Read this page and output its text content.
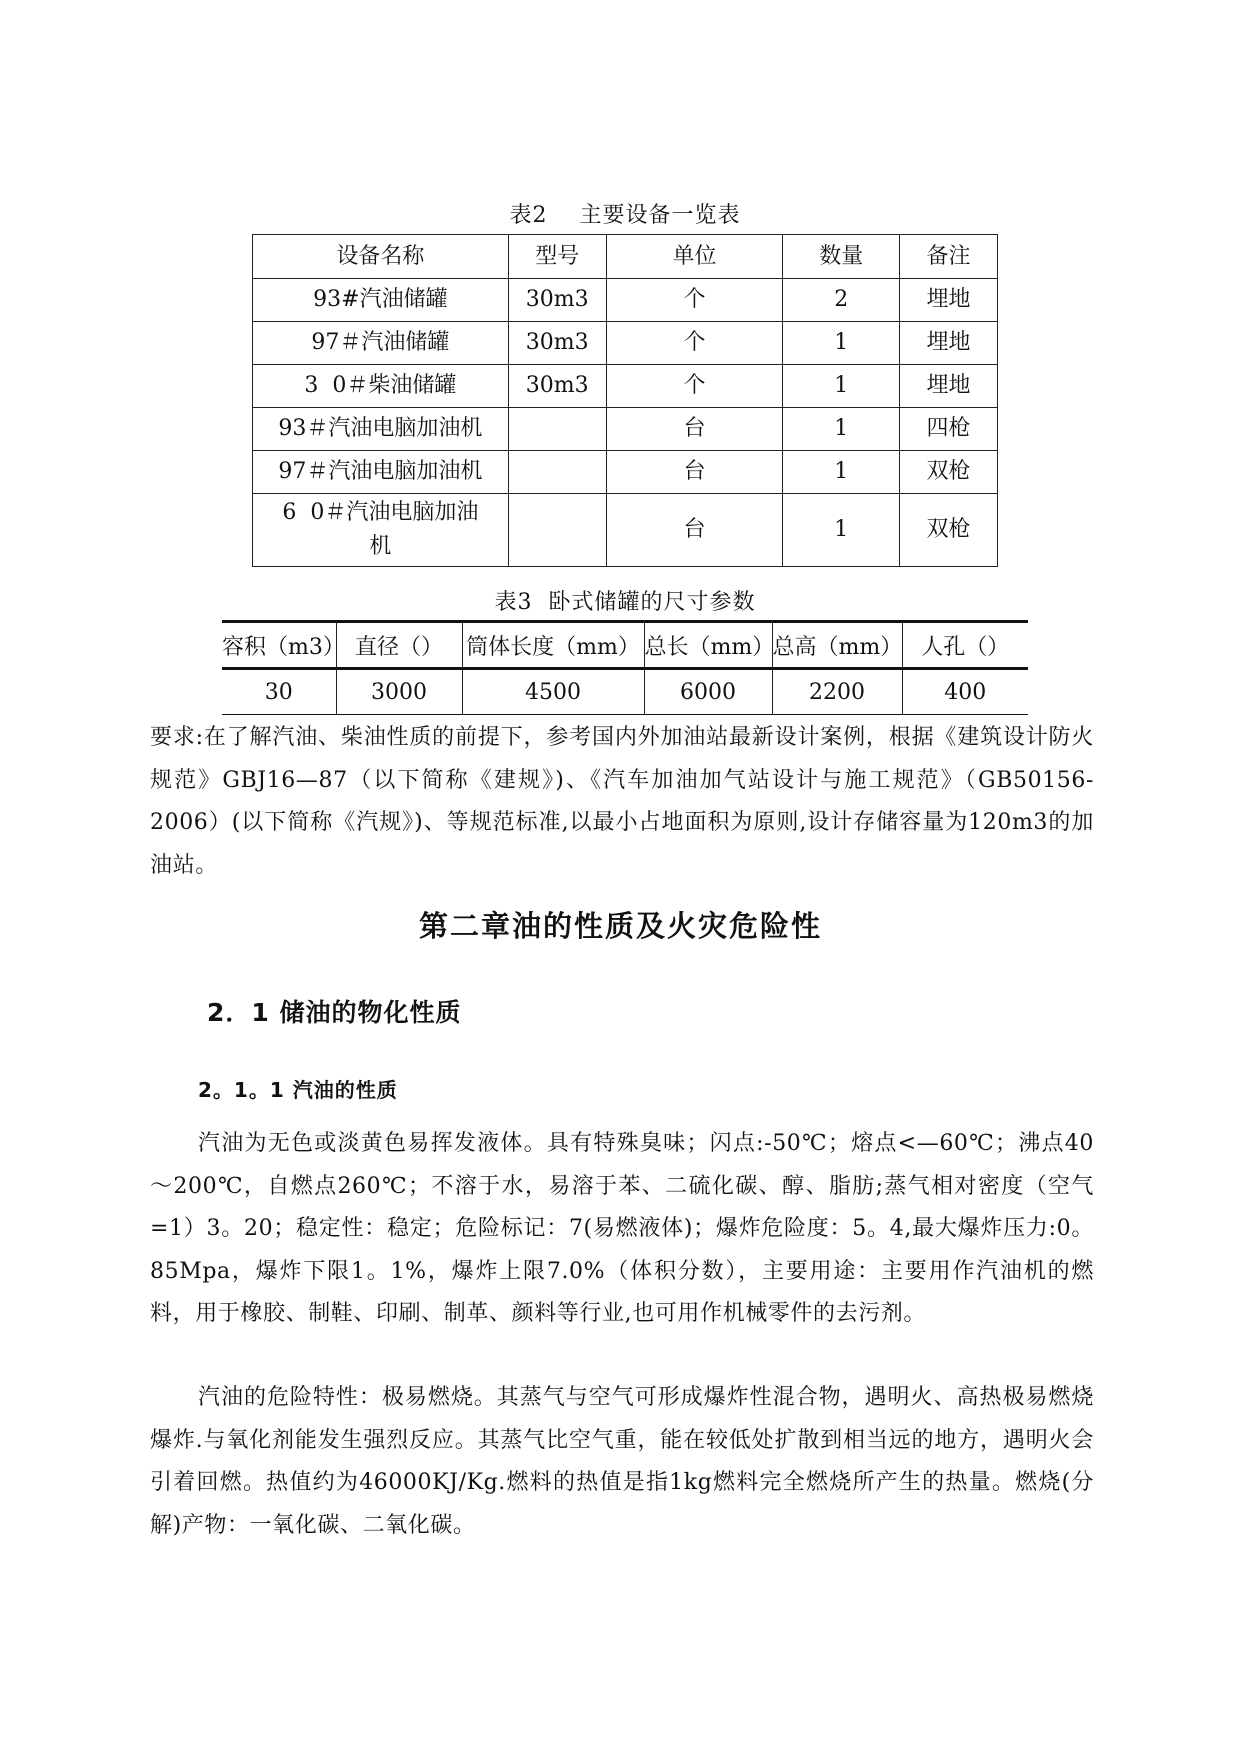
表2    主要设备一览表
设备名称	型号	单位	数量	备注
93#汽油储罐	30m3	个	2	埋地
97＃汽油储罐	30m3	个	1	埋地
3  0＃柴油储罐	30m3	个	1	埋地
93＃汽油电脑加油机		台	1	四枪
97＃汽油电脑加油机		台	1	双枪
6  0＃汽油电脑加油机		台	1	双枪
表3  卧式储罐的尺寸参数
容积（m3）	直径（）	筒体长度（mm）	总长（mm）	总高（mm）	人孔（）
30	3000	4500	6000	2200	400

要求:在了解汽油、柴油性质的前提下，参考国内外加油站最新设计案例，根据《建筑设计防火规范》GBJ16—87（以下简称《建规》)、《汽车加油加气站设计与施工规范》（GB50156-2006）(以下简称《汽规》)、等规范标准,以最小占地面积为原则,设计存储容量为120m3的加油站。

第二章油的性质及火灾危险性
2．1 储油的物化性质
2。1。1 汽油的性质

汽油为无色或淡黄色易挥发液体。具有特殊臭味；闪点:-50℃；熔点<—60℃；沸点40～200℃，自燃点260℃；不溶于水，易溶于苯、二硫化碳、醇、脂肪;蒸气相对密度（空气=1）3。20；稳定性：稳定；危险标记：7(易燃液体)；爆炸危险度：5。4,最大爆炸压力:0。85Mpa，爆炸下限1。1%，爆炸上限7.0%（体积分数），主要用途：主要用作汽油机的燃料，用于橡胶、制鞋、印刷、制革、颜料等行业,也可用作机械零件的去污剂。

汽油的危险特性：极易燃烧。其蒸气与空气可形成爆炸性混合物，遇明火、高热极易燃烧爆炸.与氧化剂能发生强烈反应。其蒸气比空气重，能在较低处扩散到相当远的地方，遇明火会引着回燃。热值约为46000KJ/Kg.燃料的热值是指1kg燃料完全燃烧所产生的热量。燃烧(分解)产物：一氧化碳、二氧化碳。
